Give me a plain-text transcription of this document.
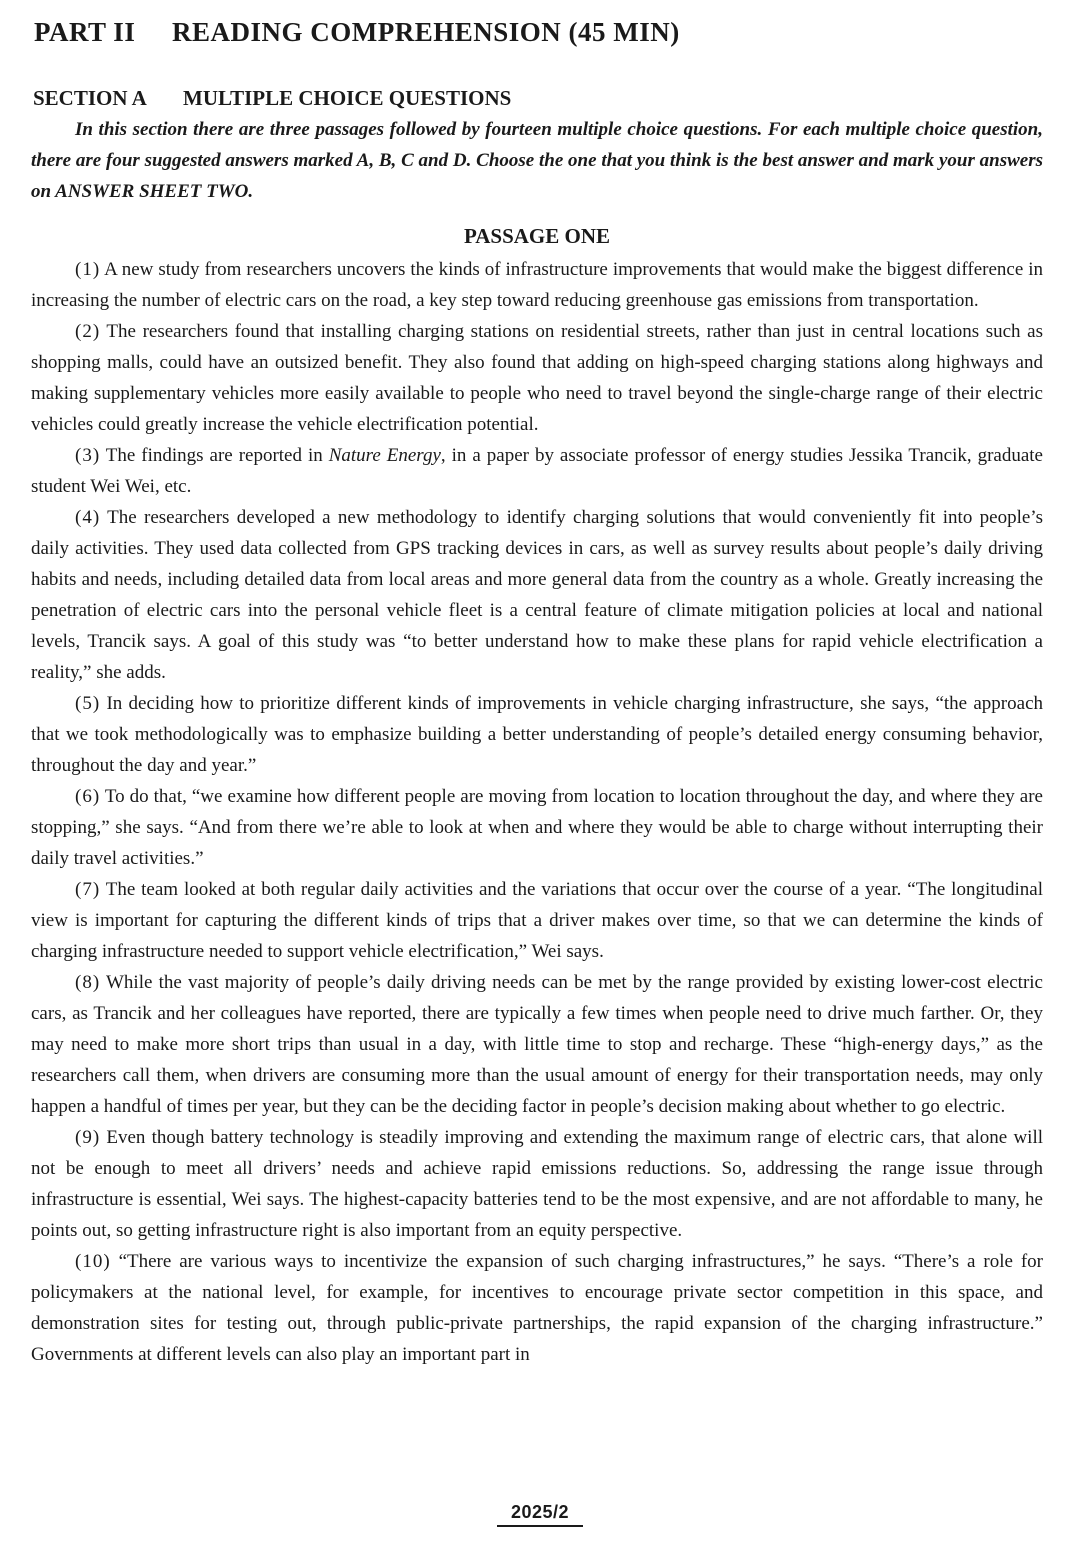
PART II READING COMPREHENSION (45 MIN)
SECTION A MULTIPLE CHOICE QUESTIONS

In this section there are three passages followed by fourteen multiple choice questions. For each multiple choice question, there are four suggested answers marked A, B, C and D. Choose the one that you think is the best answer and mark your answers on ANSWER SHEET TWO.

PASSAGE ONE

(1) A new study from researchers uncovers the kinds of infrastructure improvements that would make the biggest difference in increasing the number of electric cars on the road, a key step toward reducing greenhouse gas emissions from transportation.

(2) The researchers found that installing charging stations on residential streets, rather than just in central locations such as shopping malls, could have an outsized benefit. They also found that adding on high-speed charging stations along highways and making supplementary vehicles more easily available to people who need to travel beyond the single-charge range of their electric vehicles could greatly increase the vehicle electrification potential.

(3) The findings are reported in Nature Energy, in a paper by associate professor of energy studies Jessika Trancik, graduate student Wei Wei, etc.

(4) The researchers developed a new methodology to identify charging solutions that would conveniently fit into people’s daily activities. They used data collected from GPS tracking devices in cars, as well as survey results about people’s daily driving habits and needs, including detailed data from local areas and more general data from the country as a whole. Greatly increasing the penetration of electric cars into the personal vehicle fleet is a central feature of climate mitigation policies at local and national levels, Trancik says. A goal of this study was “to better understand how to make these plans for rapid vehicle electrification a reality,” she adds.

(5) In deciding how to prioritize different kinds of improvements in vehicle charging infrastructure, she says, “the approach that we took methodologically was to emphasize building a better understanding of people’s detailed energy consuming behavior, throughout the day and year.”

(6) To do that, “we examine how different people are moving from location to location throughout the day, and where they are stopping,” she says. “And from there we’re able to look at when and where they would be able to charge without interrupting their daily travel activities.”

(7) The team looked at both regular daily activities and the variations that occur over the course of a year. “The longitudinal view is important for capturing the different kinds of trips that a driver makes over time, so that we can determine the kinds of charging infrastructure needed to support vehicle electrification,” Wei says.

(8) While the vast majority of people’s daily driving needs can be met by the range provided by existing lower-cost electric cars, as Trancik and her colleagues have reported, there are typically a few times when people need to drive much farther. Or, they may need to make more short trips than usual in a day, with little time to stop and recharge. These “high-energy days,” as the researchers call them, when drivers are consuming more than the usual amount of energy for their transportation needs, may only happen a handful of times per year, but they can be the deciding factor in people’s decision making about whether to go electric.

(9) Even though battery technology is steadily improving and extending the maximum range of electric cars, that alone will not be enough to meet all drivers’ needs and achieve rapid emissions reductions. So, addressing the range issue through infrastructure is essential, Wei says. The highest-capacity batteries tend to be the most expensive, and are not affordable to many, he points out, so getting infrastructure right is also important from an equity perspective.

(10) “There are various ways to incentivize the expansion of such charging infrastructures,” he says. “There’s a role for policymakers at the national level, for example, for incentives to encourage private sector competition in this space, and demonstration sites for testing out, through public-private partnerships, the rapid expansion of the charging infrastructure.” Governments at different levels can also play an important part in

2025/2
